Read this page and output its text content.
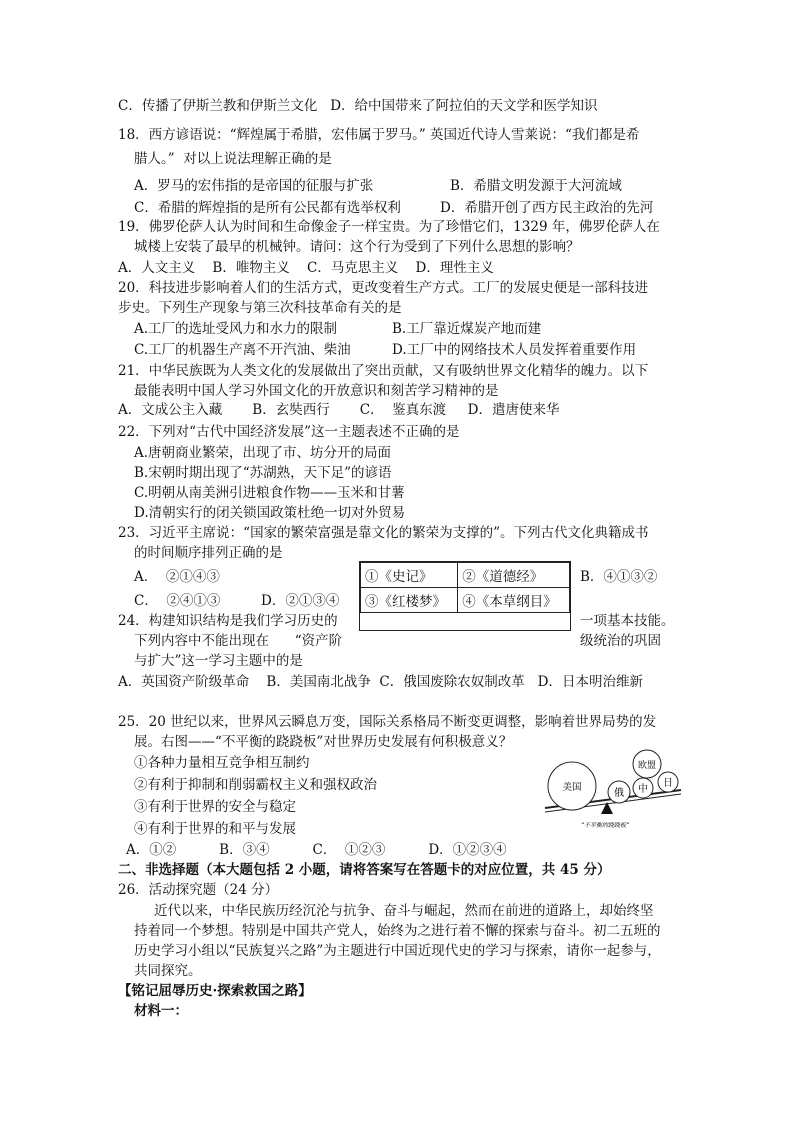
C．传播了伊斯兰教和伊斯兰文化   D．给中国带来了阿拉伯的天文学和医学知识
18．西方谚语说：“辉煌属于希腊，宏伟属于罗马。” 英国近代诗人雪莱说：“我们都是希
腊人。”  对以上说法理解正确的是
A．罗马的宏伟指的是帝国的征服与扩张	B．希腊文明发源于大河流域
C．希腊的辉煌指的是所有公民都有选举权利	D．希腊开创了西方民主政治的先河
19．佛罗伦萨人认为时间和生命像金子一样宝贵。为了珍惜它们，1329 年，佛罗伦萨人在
城楼上安装了最早的机械钟。请问：这个行为受到了下列什么思想的影响？
A．人文主义    B．唯物主义    C．马克思主义    D．理性主义
20．科技进步影响着人们的生活方式，更改变着生产方式。工厂的发展史便是一部科技进
步史。下列生产现象与第三次科技革命有关的是
A.工厂的选址受风力和水力的限制	B.工厂靠近煤炭产地而建
C.工厂的机器生产离不开汽油、柴油	D.工厂中的网络技术人员发挥着重要作用
21．中华民族既为人类文化的发展做出了突出贡献，又有吸纳世界文化精华的魄力。以下
最能表明中国人学习外国文化的开放意识和刻苦学习精神的是
A．文成公主入藏       B．玄奘西行       C．  鉴真东渡     D．遣唐使来华
22．下列对“古代中国经济发展”这一主题表述不正确的是
A.唐朝商业繁荣，出现了市、坊分开的局面
B.宋朝时期出现了“苏湖熟，天下足”的谚语
C.明朝从南美洲引进粮食作物——玉米和甘薯
D.清朝实行的闭关锁国政策杜绝一切对外贸易
23．习近平主席说：“国家的繁荣富强是靠文化的繁荣为支撑的”。下列古代文化典籍成书
的时间顺序排列正确的是
A．  ②①④③	B．④①③②
C．  ②④①③	D．②①③④
①《史记》	②《道德经》
③《红楼梦》	④《本草纲目》
24．构建知识结构是我们学习历史的	一项基本技能。
下列内容中不能出现在      “资产阶	级统治的巩固
与扩大”这一学习主题中的是
A．英国资产阶级革命    B．美国南北战争  C．俄国废除农奴制改革   D．日本明治维新
25．20 世纪以来，世界风云瞬息万变，国际关系格局不断变更调整，影响着世界局势的发
展。右图——“不平衡的跷跷板”对世界历史发展有何积极意义？
①各种力量相互竞争相互制约
②有利于抑制和削弱霸权主义和强权政治
③有利于世界的安全与稳定
④有利于世界的和平与发展
A．①②          B．③④          C．  ①②③          D．①②③④
美国
俄 中
欧盟
日
“不平衡的跷跷板”
二、非选择题（本大题包括 2 小题，请将答案写在答题卡的对应位置，共 45 分）
26．活动探究题（24 分）
近代以来，中华民族历经沉沦与抗争、奋斗与崛起，然而在前进的道路上，却始终坚
持着同一个梦想。特别是中国共产党人，始终为之进行着不懈的探索与奋斗。初二五班的
历史学习小组以“民族复兴之路”为主题进行中国近现代史的学习与探索，请你一起参与，
共同探究。
【铭记屈辱历史·探索救国之路】
材料一：
